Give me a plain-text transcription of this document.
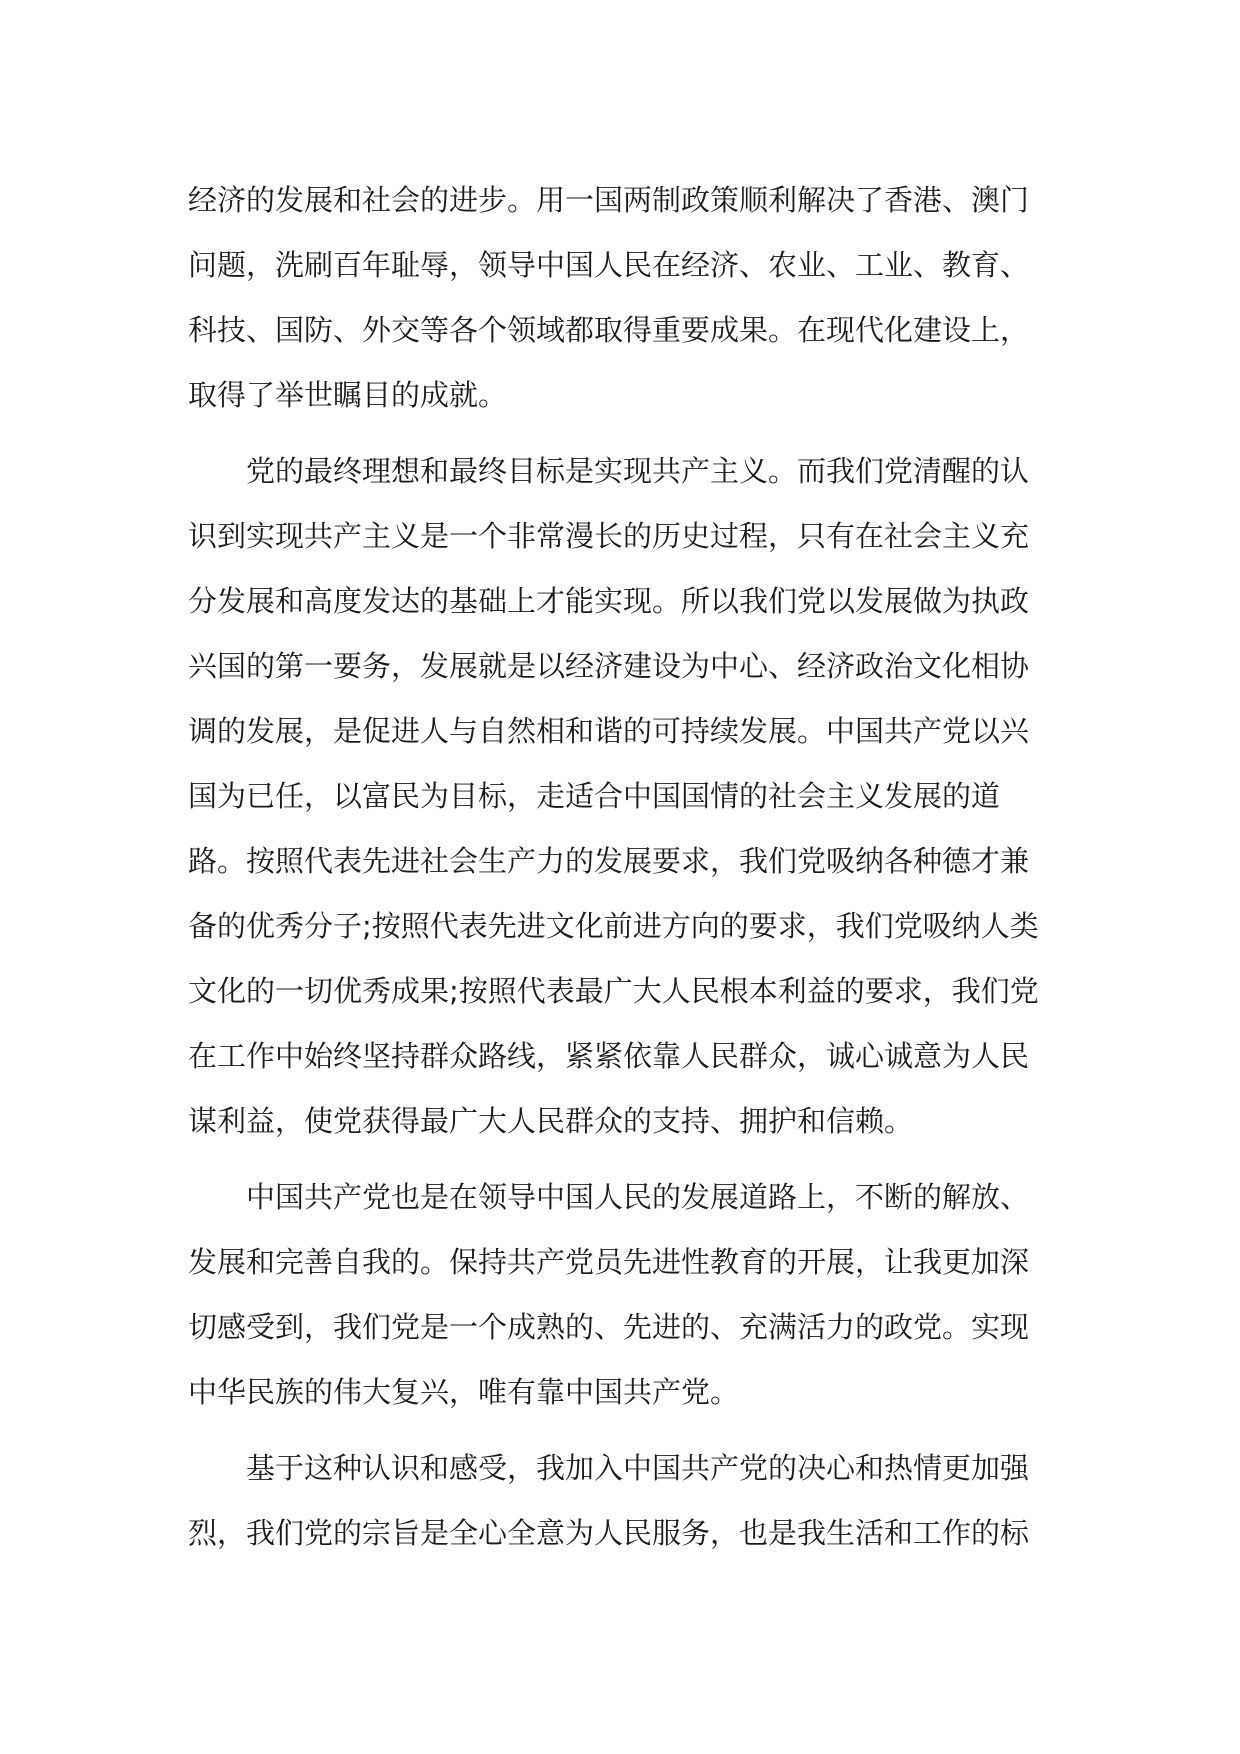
经济的发展和社会的进步。用一国两制政策顺利解决了香港、澳门
问题，洗刷百年耻辱，领导中国人民在经济、农业、工业、教育、
科技、国防、外交等各个领域都取得重要成果。在现代化建设上，
取得了举世瞩目的成就。
党的最终理想和最终目标是实现共产主义。而我们党清醒的认
识到实现共产主义是一个非常漫长的历史过程，只有在社会主义充
分发展和高度发达的基础上才能实现。所以我们党以发展做为执政
兴国的第一要务，发展就是以经济建设为中心、经济政治文化相协
调的发展，是促进人与自然相和谐的可持续发展。中国共产党以兴
国为已任，以富民为目标，走适合中国国情的社会主义发展的道
路。按照代表先进社会生产力的发展要求，我们党吸纳各种德才兼
备的优秀分子;按照代表先进文化前进方向的要求，我们党吸纳人类
文化的一切优秀成果;按照代表最广大人民根本利益的要求，我们党
在工作中始终坚持群众路线，紧紧依靠人民群众，诚心诚意为人民
谋利益，使党获得最广大人民群众的支持、拥护和信赖。
中国共产党也是在领导中国人民的发展道路上，不断的解放、
发展和完善自我的。保持共产党员先进性教育的开展，让我更加深
切感受到，我们党是一个成熟的、先进的、充满活力的政党。实现
中华民族的伟大复兴，唯有靠中国共产党。
基于这种认识和感受，我加入中国共产党的决心和热情更加强
烈，我们党的宗旨是全心全意为人民服务，也是我生活和工作的标
